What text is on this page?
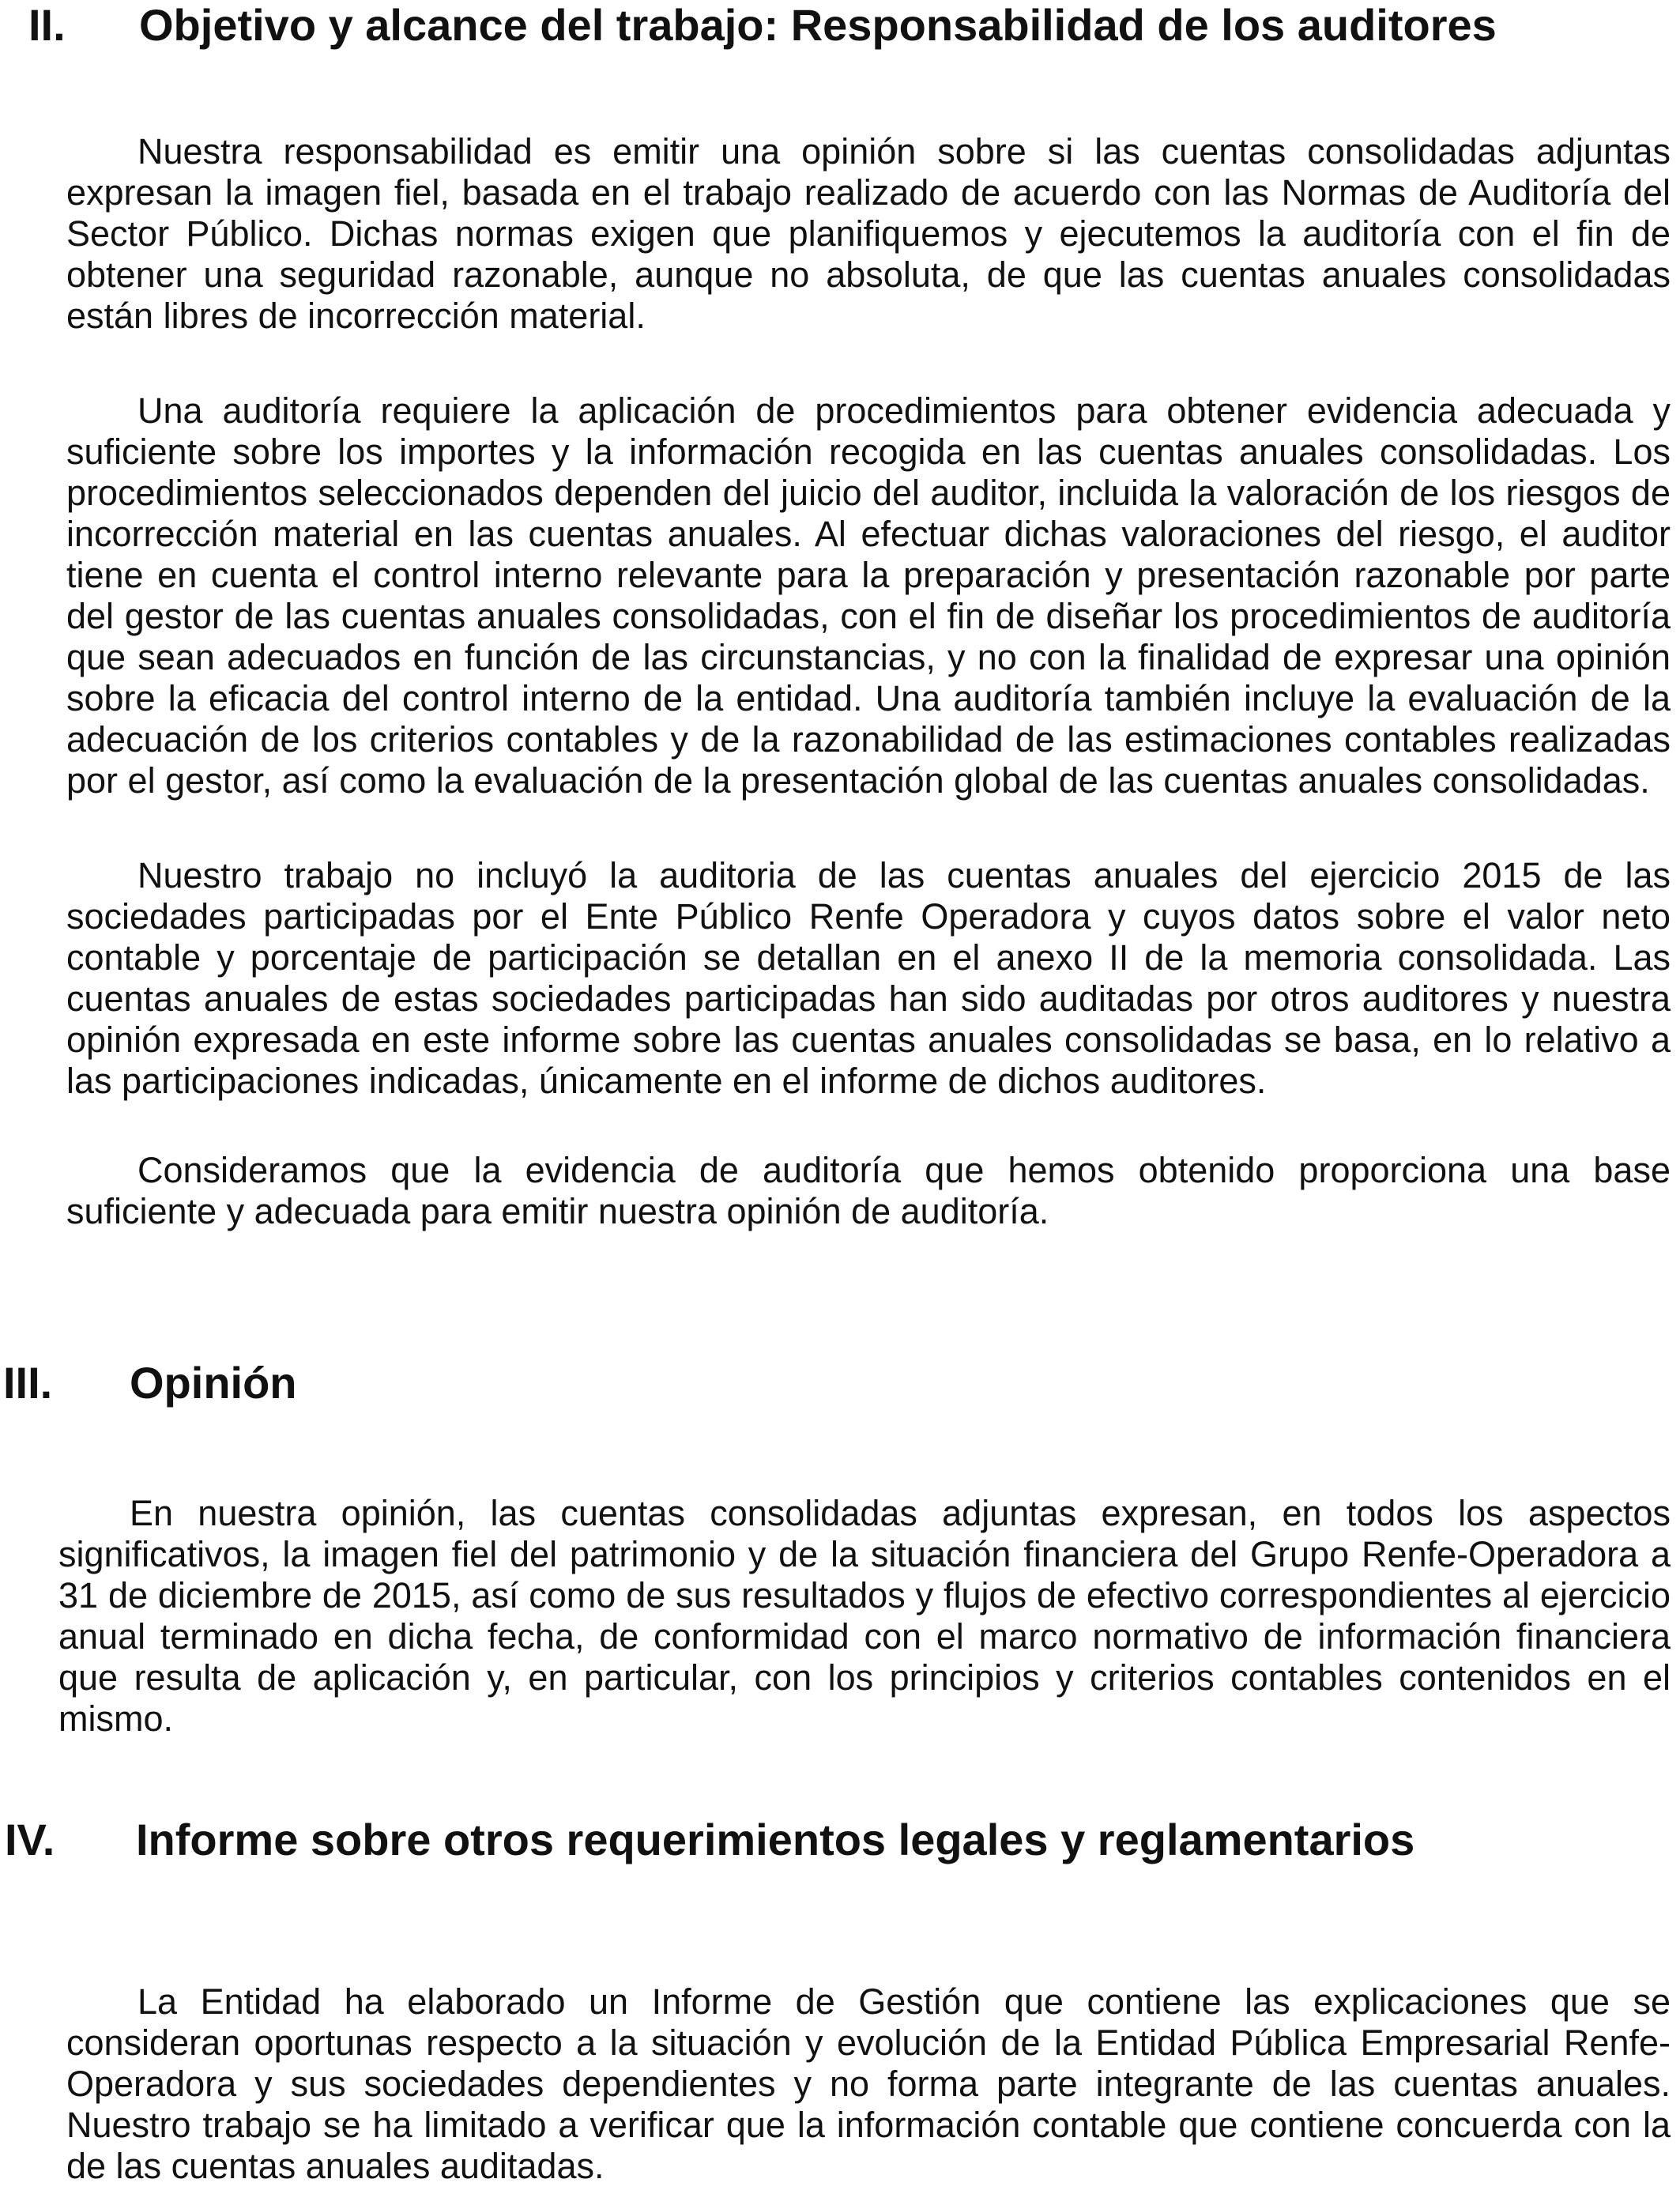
II. Objetivo y alcance del trabajo: Responsabilidad de los auditores

Nuestra responsabilidad es emitir una opinión sobre si las cuentas consolidadas adjuntas expresan la imagen fiel, basada en el trabajo realizado de acuerdo con las Normas de Auditoría del Sector Público. Dichas normas exigen que planifiquemos y ejecutemos la auditoría con el fin de obtener una seguridad razonable, aunque no absoluta, de que las cuentas anuales consolidadas están libres de incorrección material.

Una auditoría requiere la aplicación de procedimientos para obtener evidencia adecuada y suficiente sobre los importes y la información recogida en las cuentas anuales consolidadas. Los procedimientos seleccionados dependen del juicio del auditor, incluida la valoración de los riesgos de incorrección material en las cuentas anuales. Al efectuar dichas valoraciones del riesgo, el auditor tiene en cuenta el control interno relevante para la preparación y presentación razonable por parte del gestor de las cuentas anuales consolidadas, con el fin de diseñar los procedimientos de auditoría que sean adecuados en función de las circunstancias, y no con la finalidad de expresar una opinión sobre la eficacia del control interno de la entidad. Una auditoría también incluye la evaluación de la adecuación de los criterios contables y de la razonabilidad de las estimaciones contables realizadas por el gestor, así como la evaluación de la presentación global de las cuentas anuales consolidadas.

Nuestro trabajo no incluyó la auditoria de las cuentas anuales del ejercicio 2015 de las sociedades participadas por el Ente Público Renfe Operadora y cuyos datos sobre el valor neto contable y porcentaje de participación se detallan en el anexo II de la memoria consolidada. Las cuentas anuales de estas sociedades participadas han sido auditadas por otros auditores y nuestra opinión expresada en este informe sobre las cuentas anuales consolidadas se basa, en lo relativo a las participaciones indicadas, únicamente en el informe de dichos auditores.

Consideramos que la evidencia de auditoría que hemos obtenido proporciona una base suficiente y adecuada para emitir nuestra opinión de auditoría.

III. Opinión

En nuestra opinión, las cuentas consolidadas adjuntas expresan, en todos los aspectos significativos, la imagen fiel del patrimonio y de la situación financiera del Grupo Renfe-Operadora a 31 de diciembre de 2015, así como de sus resultados y flujos de efectivo correspondientes al ejercicio anual terminado en dicha fecha, de conformidad con el marco normativo de información financiera que resulta de aplicación y, en particular, con los principios y criterios contables contenidos en el mismo.

IV. Informe sobre otros requerimientos legales y reglamentarios

La Entidad ha elaborado un Informe de Gestión que contiene las explicaciones que se consideran oportunas respecto a la situación y evolución de la Entidad Pública Empresarial Renfe-Operadora y sus sociedades dependientes y no forma parte integrante de las cuentas anuales. Nuestro trabajo se ha limitado a verificar que la información contable que contiene concuerda con la de las cuentas anuales auditadas.
